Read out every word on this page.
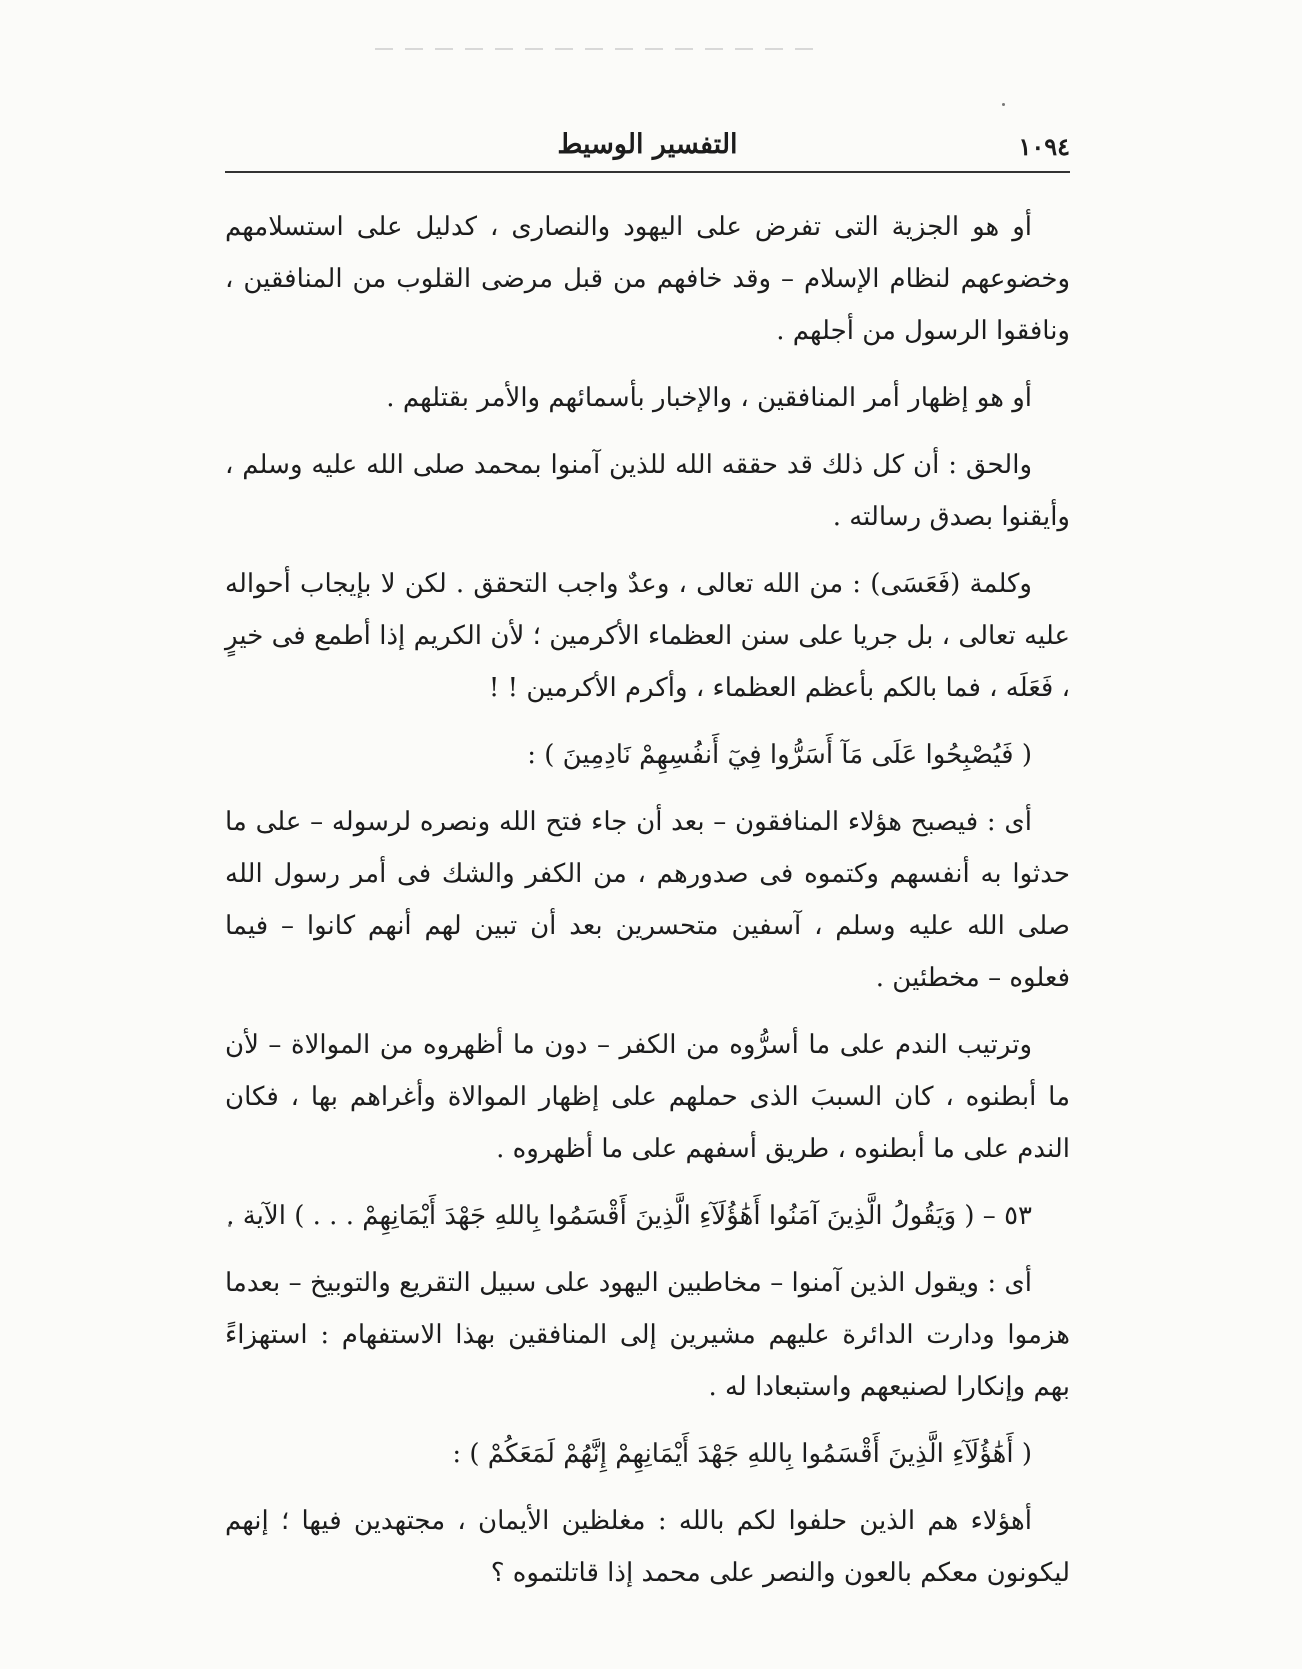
١٠٩٤
التفسير الوسيط

أو هو الجزية التى تفرض على اليهود والنصارى ، كدليل على استسلامهم وخضوعهم لنظام الإسلام – وقد خافهم من قبل مرضى القلوب من المنافقين ، ونافقوا الرسول من أجلهم .

أو هو إظهار أمر المنافقين ، والإخبار بأسمائهم والأمر بقتلهم .

والحق : أن كل ذلك قد حققه الله للذين آمنوا بمحمد صلى الله عليه وسلم ، وأيقنوا بصدق رسالته .

وكلمة (فَعَسَى) : من الله تعالى ، وعدٌ واجب التحقق . لكن لا بإيجاب أحواله عليه تعالى ، بل جريا على سنن العظماء الأكرمين ؛ لأن الكريم إذا أطمع فى خيرٍ ، فَعَلَه ، فما بالكم بأعظم العظماء ، وأكرم الأكرمين ! !

( فَيُصْبِحُوا عَلَى مَآ أَسَرُّوا فِيٓ أَنفُسِهِمْ نَادِمِينَ ) :

أى : فيصبح هؤلاء المنافقون – بعد أن جاء فتح الله ونصره لرسوله – على ما حدثوا به أنفسهم وكتموه فى صدورهم ، من الكفر والشك فى أمر رسول الله صلى الله عليه وسلم ، آسفين متحسرين بعد أن تبين لهم أنهم كانوا – فيما فعلوه – مخطئين .

وترتيب الندم على ما أسرُّوه من الكفر – دون ما أظهروه من الموالاة – لأن ما أبطنوه ، كان السببَ الذى حملهم على إظهار الموالاة وأغراهم بها ، فكان الندم على ما أبطنوه ، طريق أسفهم على ما أظهروه .

٥٣ – ( وَيَقُولُ الَّذِينَ آمَنُوا أَهَٰؤُلَآءِ الَّذِينَ أَقْسَمُوا بِاللهِ جَهْدَ أَيْمَانِهِمْ . . . ) الآية .

أى : ويقول الذين آمنوا – مخاطبين اليهود على سبيل التقريع والتوبيخ – بعدما هزموا ودارت الدائرة عليهم مشيرين إلى المنافقين بهذا الاستفهام : استهزاءً بهم وإنكارا لصنيعهم واستبعادا له .

( أَهَٰؤُلَآءِ الَّذِينَ أَقْسَمُوا بِاللهِ جَهْدَ أَيْمَانِهِمْ إِنَّهُمْ لَمَعَكُمْ ) :

أهؤلاء هم الذين حلفوا لكم بالله : مغلظين الأيمان ، مجتهدين فيها ؛ إنهم ليكونون معكم بالعون والنصر على محمد إذا قاتلتموه ؟
